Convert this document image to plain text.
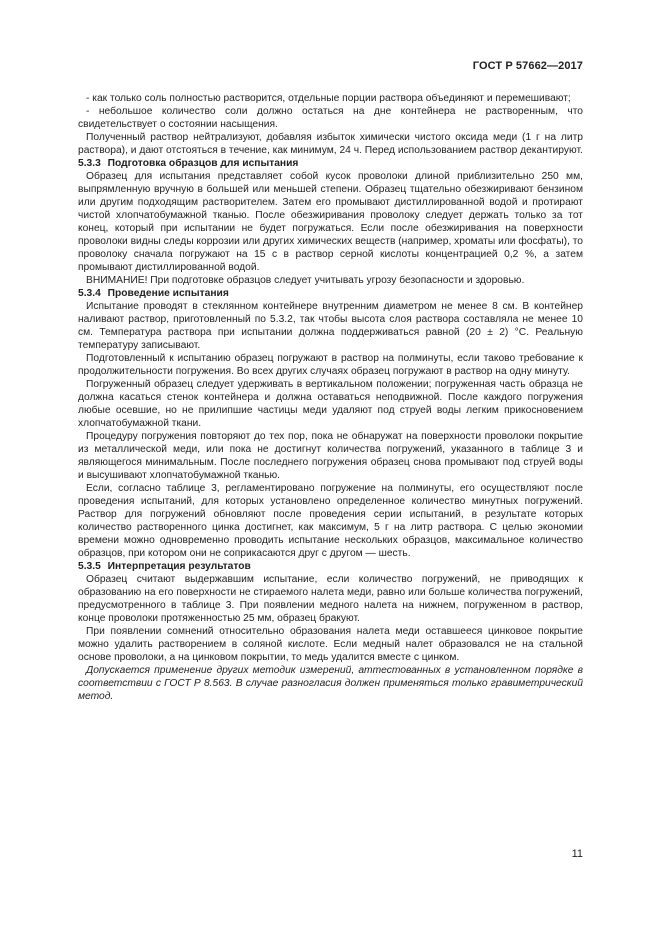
ГОСТ Р 57662—2017

- как только соль полностью растворится, отдельные порции раствора объединяют и перемешивают;

- небольшое количество соли должно остаться на дне контейнера не растворенным, что свидетельствует о состоянии насыщения.

Полученный раствор нейтрализуют, добавляя избыток химически чистого оксида меди (1 г на литр раствора), и дают отстояться в течение, как минимум, 24 ч. Перед использованием раствор декантируют.

5.3.3 Подготовка образцов для испытания

Образец для испытания представляет собой кусок проволоки длиной приблизительно 250 мм, выпрямленную вручную в большей или меньшей степени. Образец тщательно обезжиривают бензином или другим подходящим растворителем. Затем его промывают дистиллированной водой и протирают чистой хлопчатобумажной тканью. После обезжиривания проволоку следует держать только за тот конец, который при испытании не будет погружаться. Если после обезжиривания на поверхности проволоки видны следы коррозии или других химических веществ (например, хроматы или фосфаты), то проволоку сначала погружают на 15 с в раствор серной кислоты концентрацией 0,2 %, а затем промывают дистиллированной водой.

ВНИМАНИЕ! При подготовке образцов следует учитывать угрозу безопасности и здоровью.

5.3.4 Проведение испытания

Испытание проводят в стеклянном контейнере внутренним диаметром не менее 8 см. В контейнер наливают раствор, приготовленный по 5.3.2, так чтобы высота слоя раствора составляла не менее 10 см. Температура раствора при испытании должна поддерживаться равной (20 ± 2) °С. Реальную температуру записывают.

Подготовленный к испытанию образец погружают в раствор на полминуты, если таково требование к продолжительности погружения. Во всех других случаях образец погружают в раствор на одну минуту.

Погруженный образец следует удерживать в вертикальном положении; погруженная часть образца не должна касаться стенок контейнера и должна оставаться неподвижной. После каждого погружения любые осевшие, но не прилипшие частицы меди удаляют под струей воды легким прикосновением хлопчатобумажной ткани.

Процедуру погружения повторяют до тех пор, пока не обнаружат на поверхности проволоки покрытие из металлической меди, или пока не достигнут количества погружений, указанного в таблице 3 и являющегося минимальным. После последнего погружения образец снова промывают под струей воды и высушивают хлопчатобумажной тканью.

Если, согласно таблице 3, регламентировано погружение на полминуты, его осуществляют после проведения испытаний, для которых установлено определенное количество минутных погружений. Раствор для погружений обновляют после проведения серии испытаний, в результате которых количество растворенного цинка достигнет, как максимум, 5 г на литр раствора. С целью экономии времени можно одновременно проводить испытание нескольких образцов, максимальное количество образцов, при котором они не соприкасаются друг с другом — шесть.

5.3.5 Интерпретация результатов

Образец считают выдержавшим испытание, если количество погружений, не приводящих к образованию на его поверхности не стираемого налета меди, равно или больше количества погружений, предусмотренного в таблице 3. При появлении медного налета на нижнем, погруженном в раствор, конце проволоки протяженностью 25 мм, образец бракуют.

При появлении сомнений относительно образования налета меди оставшееся цинковое покрытие можно удалить растворением в соляной кислоте. Если медный налет образовался не на стальной основе проволоки, а на цинковом покрытии, то медь удалится вместе с цинком.

Допускается применение других методик измерений, аттестованных в установленном порядке в соответствии с ГОСТ Р 8.563. В случае разногласия должен применяться только гравиметрический метод.

11
